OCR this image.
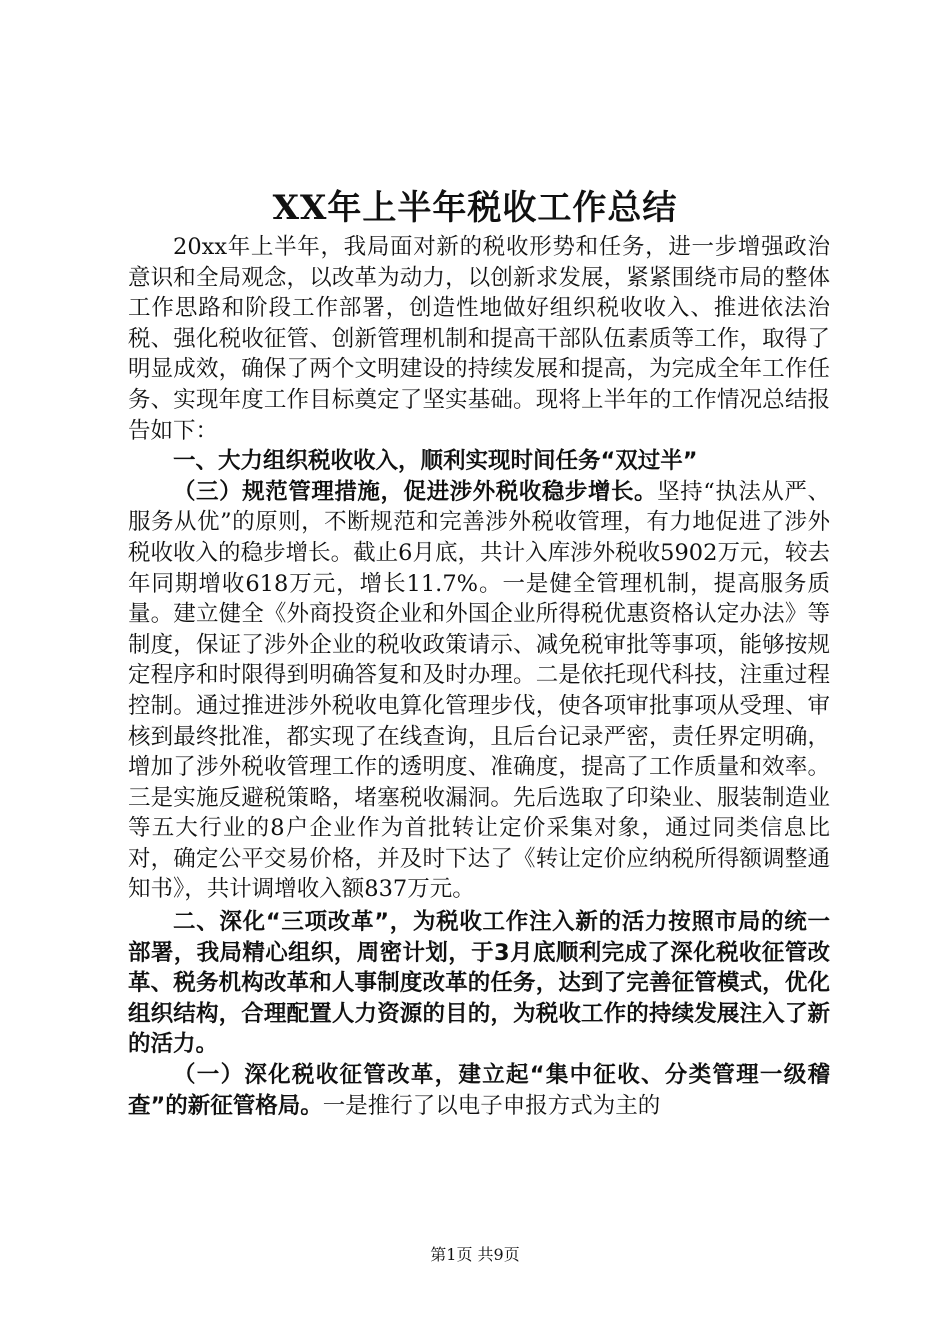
XX年上半年税收工作总结

20xx年上半年，我局面对新的税收形势和任务，进一步增强政治意识和全局观念，以改革为动力，以创新求发展，紧紧围绕市局的整体工作思路和阶段工作部署，创造性地做好组织税收收入、推进依法治税、强化税收征管、创新管理机制和提高干部队伍素质等工作，取得了明显成效，确保了两个文明建设的持续发展和提高，为完成全年工作任务、实现年度工作目标奠定了坚实基础。现将上半年的工作情况总结报告如下：

一、大力组织税收收入，顺利实现时间任务“双过半”

（三）规范管理措施，促进涉外税收稳步增长。坚持“执法从严、服务从优”的原则，不断规范和完善涉外税收管理，有力地促进了涉外税收收入的稳步增长。截止6月底，共计入库涉外税收5902万元，较去年同期增收618万元，增长11.7%。一是健全管理机制，提高服务质量。建立健全《外商投资企业和外国企业所得税优惠资格认定办法》等制度，保证了涉外企业的税收政策请示、减免税审批等事项，能够按规定程序和时限得到明确答复和及时办理。二是依托现代科技，注重过程控制。通过推进涉外税收电算化管理步伐，使各项审批事项从受理、审核到最终批准，都实现了在线查询，且后台记录严密，责任界定明确，增加了涉外税收管理工作的透明度、准确度，提高了工作质量和效率。三是实施反避税策略，堵塞税收漏洞。先后选取了印染业、服装制造业等五大行业的8户企业作为首批转让定价采集对象，通过同类信息比对，确定公平交易价格，并及时下达了《转让定价应纳税所得额调整通知书》，共计调增收入额837万元。

二、深化“三项改革”，为税收工作注入新的活力按照市局的统一部署，我局精心组织，周密计划，于3月底顺利完成了深化税收征管改革、税务机构改革和人事制度改革的任务，达到了完善征管模式，优化组织结构，合理配置人力资源的目的，为税收工作的持续发展注入了新的活力。

（一）深化税收征管改革，建立起“集中征收、分类管理一级稽查”的新征管格局。一是推行了以电子申报方式为主的

第1页 共9页
